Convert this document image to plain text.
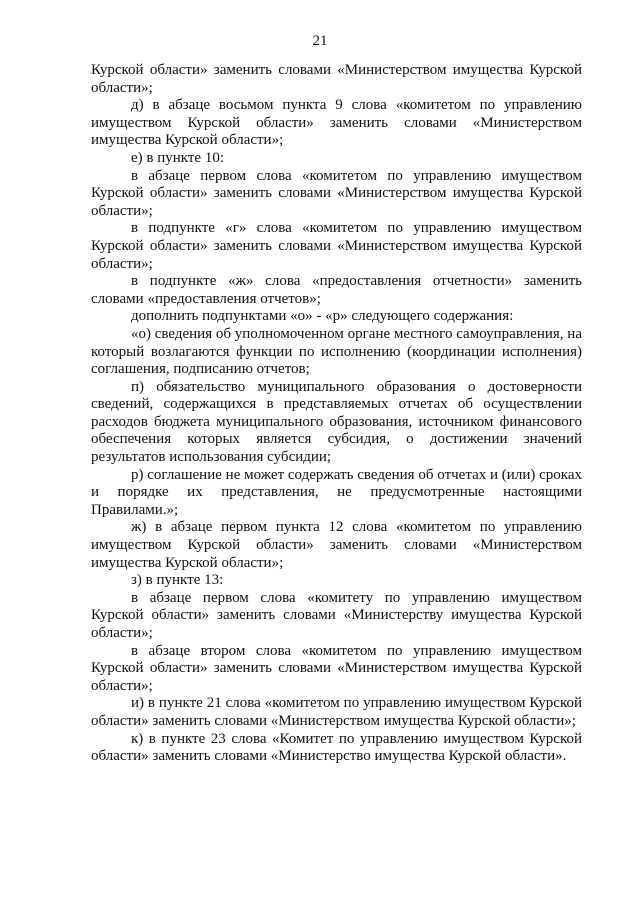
21

Курской области» заменить словами «Министерством имущества Курской области»;

д) в абзаце восьмом пункта 9 слова «комитетом по управлению имуществом Курской области» заменить словами «Министерством имущества Курской области»;

е) в пункте 10:

в абзаце первом слова «комитетом по управлению имуществом Курской области» заменить словами «Министерством имущества Курской области»;

в подпункте «г» слова «комитетом по управлению имуществом Курской области» заменить словами «Министерством имущества Курской области»;

в подпункте «ж» слова «предоставления отчетности» заменить словами «предоставления отчетов»;

дополнить подпунктами «о» - «р» следующего содержания:

«о) сведения об уполномоченном органе местного самоуправления, на который возлагаются функции по исполнению (координации исполнения) соглашения, подписанию отчетов;

п) обязательство муниципального образования о достоверности сведений, содержащихся в представляемых отчетах об осуществлении расходов бюджета муниципального образования, источником финансового обеспечения которых является субсидия, о достижении значений результатов использования субсидии;

р) соглашение не может содержать сведения об отчетах и (или) сроках и порядке их представления, не предусмотренные настоящими Правилами.»;

ж) в абзаце первом пункта 12 слова «комитетом по управлению имуществом Курской области» заменить словами «Министерством имущества Курской области»;

з) в пункте 13:

в абзаце первом слова «комитету по управлению имуществом Курской области» заменить словами «Министерству имущества Курской области»;

в абзаце втором слова «комитетом по управлению имуществом Курской области» заменить словами «Министерством имущества Курской области»;

и) в пункте 21 слова «комитетом по управлению имуществом Курской области» заменить словами «Министерством имущества Курской области»;

к) в пункте 23 слова «Комитет по управлению имуществом Курской области» заменить словами «Министерство имущества Курской области».
